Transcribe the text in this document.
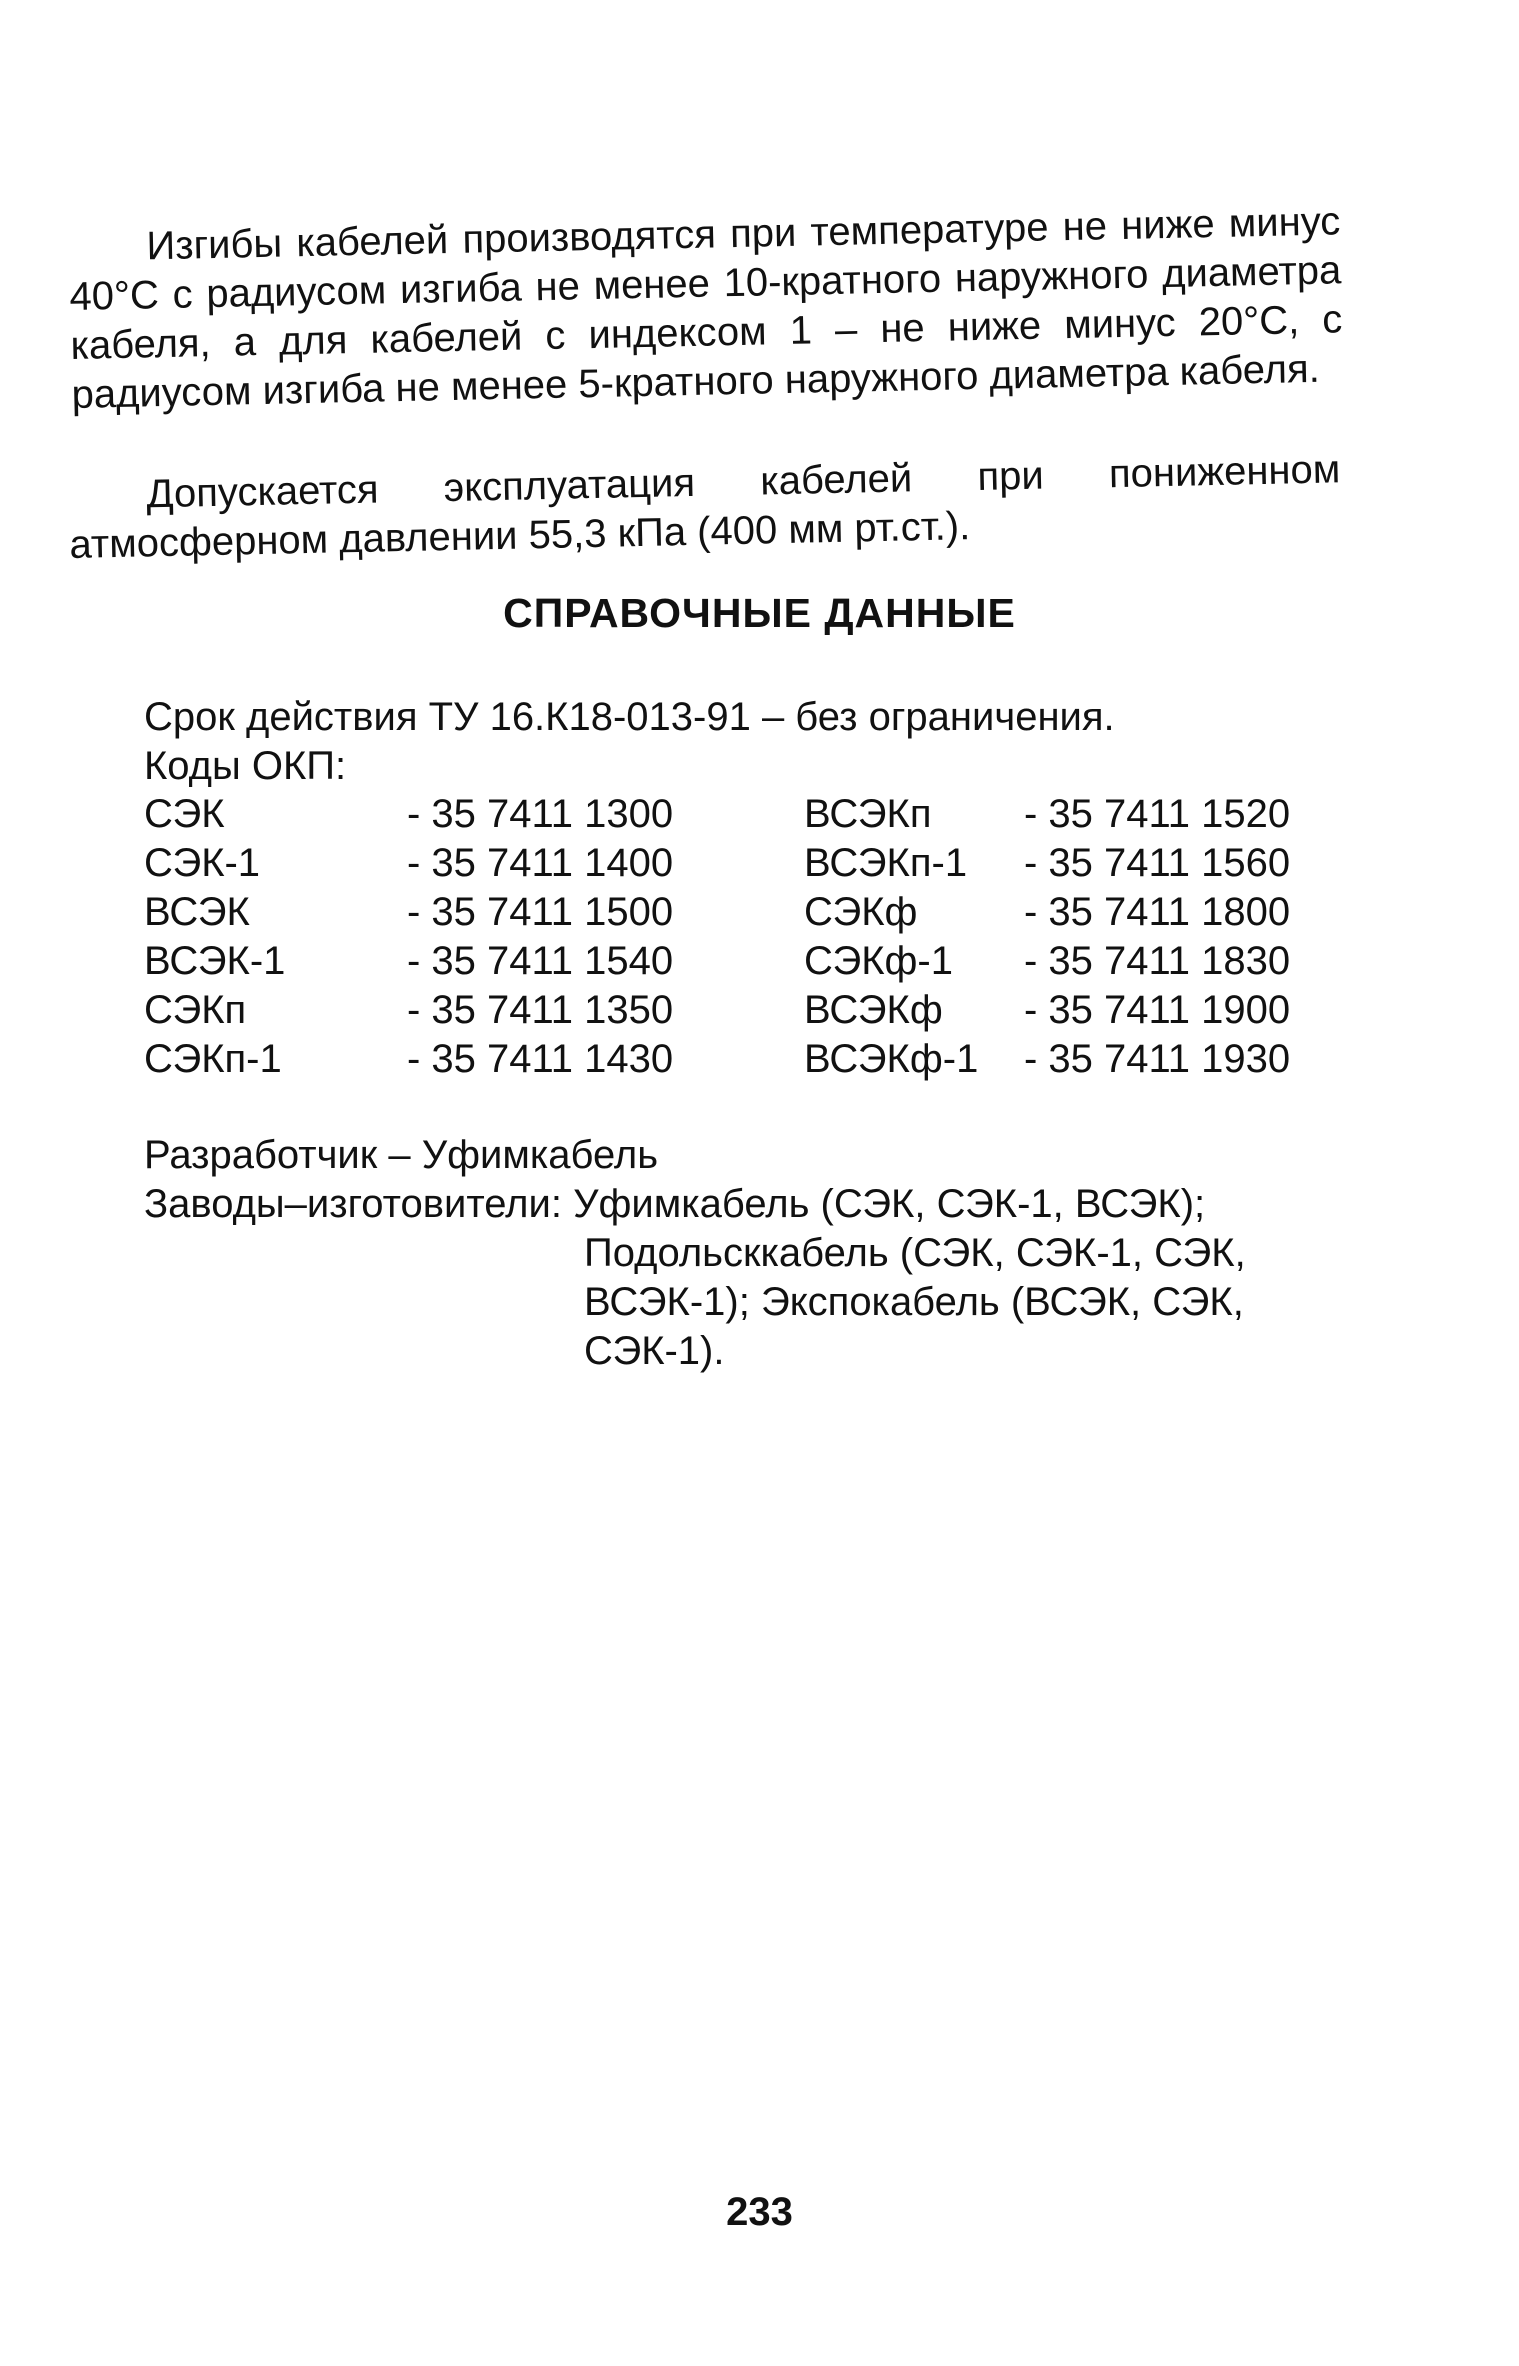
Изгибы кабелей производятся при температуре не ниже минус 40°С с радиусом изгиба не менее 10-кратного наружного диаметра кабеля, а для кабелей с индексом 1 – не ниже минус 20°С, с радиусом изгиба не менее 5-кратного наружного диаметра кабеля.

Допускается эксплуатация кабелей при пониженном атмосферном давлении 55,3 кПа (400 мм рт.ст.).

СПРАВОЧНЫЕ ДАННЫЕ
Срок действия ТУ 16.К18-013-91 – без ограничения.
Коды ОКП:
СЭК	- 35 7411 1300	ВСЭКп - 35 7411 1520
СЭК-1	- 35 7411 1400	ВСЭКп-1 - 35 7411 1560
ВСЭК	- 35 7411 1500	СЭКф	- 35 7411 1800
ВСЭК-1	- 35 7411 1540	СЭКф-1 - 35 7411 1830
СЭКп	- 35 7411 1350	ВСЭКф - 35 7411 1900
СЭКп-1	- 35 7411 1430	ВСЭКф-1 - 35 7411 1930
Разработчик – Уфимкабель
Заводы–изготовители: Уфимкабель (СЭК, СЭК-1, ВСЭК);
Подольсккабель (СЭК, СЭК-1, СЭК, ВСЭК-1); Экспокабель (ВСЭК, СЭК, СЭК-1).
233
